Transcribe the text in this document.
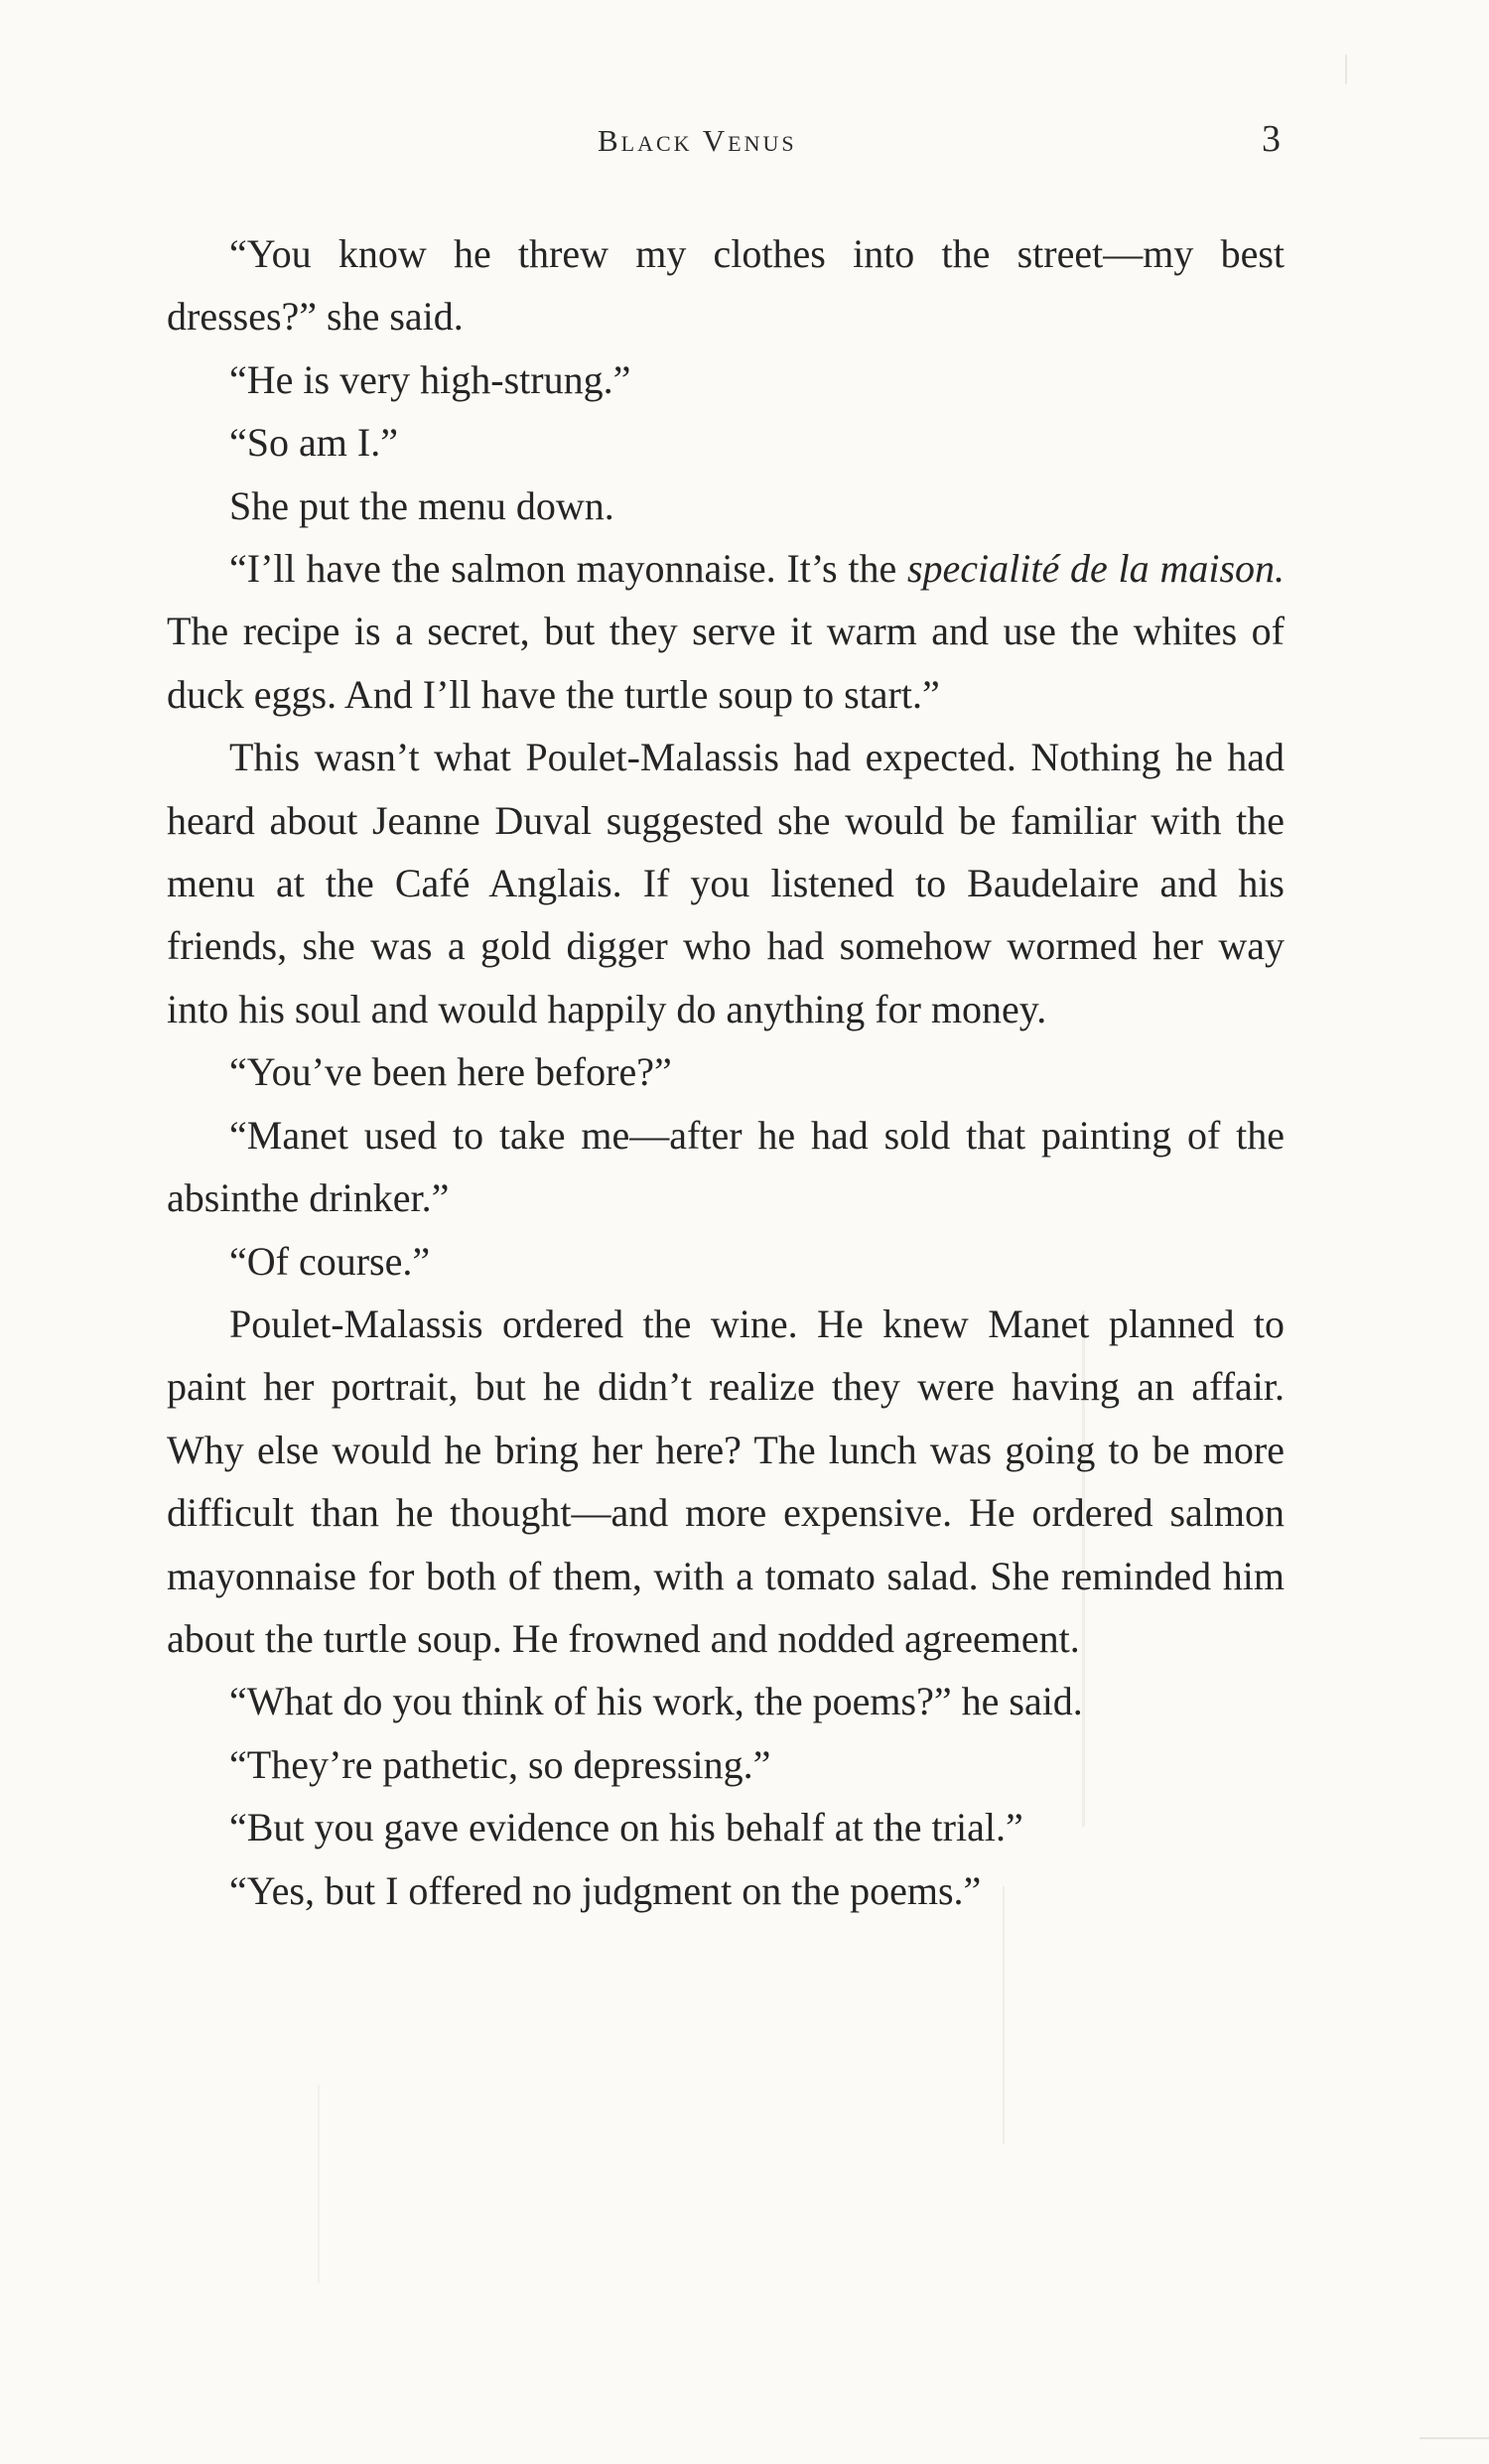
Black Venus	3

“You know he threw my clothes into the street—my best dresses?” she said.

“He is very high-strung.”

“So am I.”

She put the menu down.

“I’ll have the salmon mayonnaise. It’s the specialité de la maison. The recipe is a secret, but they serve it warm and use the whites of duck eggs. And I’ll have the turtle soup to start.”

This wasn’t what Poulet-Malassis had expected. Nothing he had heard about Jeanne Duval suggested she would be familiar with the menu at the Café Anglais. If you listened to Baudelaire and his friends, she was a gold digger who had somehow wormed her way into his soul and would happily do anything for money.

“You’ve been here before?”

“Manet used to take me—after he had sold that painting of the absinthe drinker.”

“Of course.”

Poulet-Malassis ordered the wine. He knew Manet planned to paint her portrait, but he didn’t realize they were having an affair. Why else would he bring her here? The lunch was going to be more difficult than he thought—and more expensive. He ordered salmon mayonnaise for both of them, with a tomato salad. She reminded him about the turtle soup. He frowned and nodded agreement.

“What do you think of his work, the poems?” he said.

“They’re pathetic, so depressing.”

“But you gave evidence on his behalf at the trial.”

“Yes, but I offered no judgment on the poems.”
